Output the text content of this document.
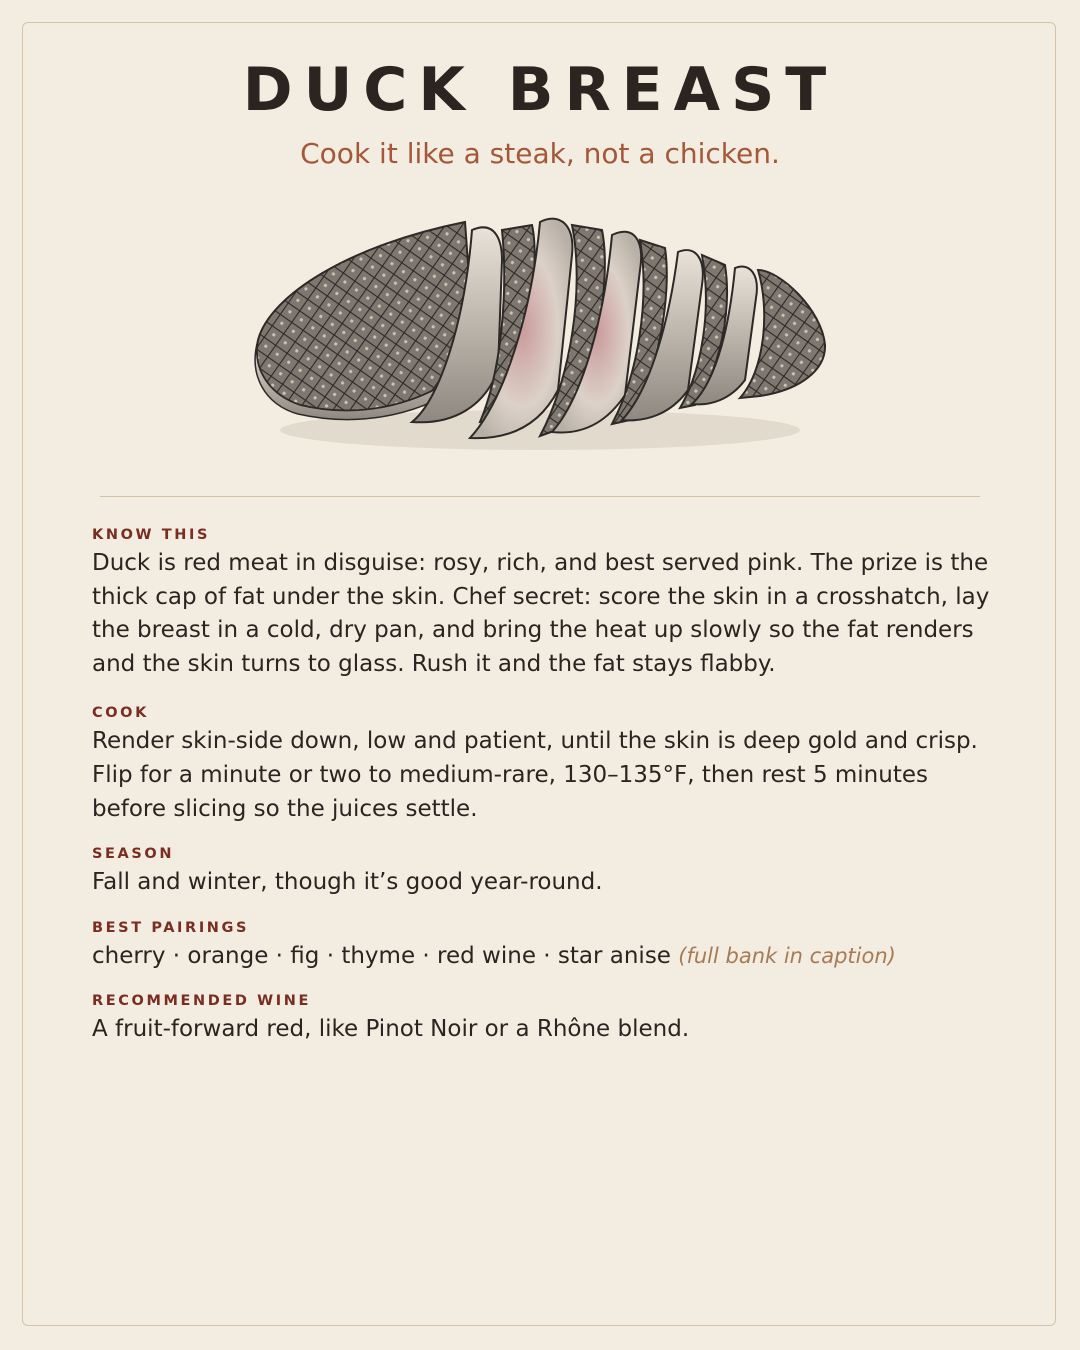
DUCK BREAST
Cook it like a steak, not a chicken.
KNOW THIS

Duck is red meat in disguise: rosy, rich, and best served pink. The prize is the thick cap of fat under the skin. Chef secret: score the skin in a crosshatch, lay the breast in a cold, dry pan, and bring the heat up slowly so the fat renders and the skin turns to glass. Rush it and the fat stays flabby.

COOK

Render skin-side down, low and patient, until the skin is deep gold and crisp. Flip for a minute or two to medium-rare, 130–135°F, then rest 5 minutes before slicing so the juices settle.

SEASON

Fall and winter, though it’s good year-round.

BEST PAIRINGS

cherry · orange · fig · thyme · red wine · star anise (full bank in caption)

RECOMMENDED WINE

A fruit-forward red, like Pinot Noir or a Rhône blend.
